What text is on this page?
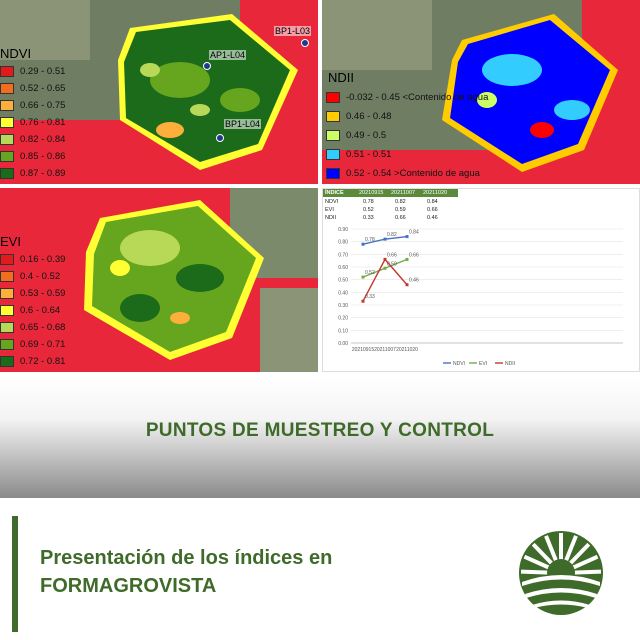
NDVI
0.29 - 0.51
0.52 - 0.65
0.66 - 0.75
0.76 - 0.81
0.82 - 0.84
0.85 - 0.86
0.87 - 0.89
AP1-L04
BP1-L04
BP1-L03
NDII
-0.032 - 0.45 <Contenido de agua
0.46 - 0.48
0.49 - 0.5
0.51 - 0.51
0.52 - 0.54 >Contenido de agua
EVI
0.16 - 0.39
0.4 - 0.52
0.53 - 0.59
0.6 - 0.64
0.65 - 0.68
0.69 - 0.71
0.72 - 0.81
ÍNDICE	20210915 20211007 20211020
NDVI	0.78	0.82	0.84
EVI	0.52	0.59	0.66
NDII	0.33	0.66	0.46
0.00
0.10
0.20
0.30
0.40
0.50
0.60
0.70
0.80
0.90
20210915 20211007 20211020
0.78
0.82 0.84
0.52
0.59
0.66
0.33
0.66
0.46
NDVI	EVI	NDII
PUNTOS DE MUESTREO Y CONTROL
Presentación de los índices en
FORMAGROVISTA
